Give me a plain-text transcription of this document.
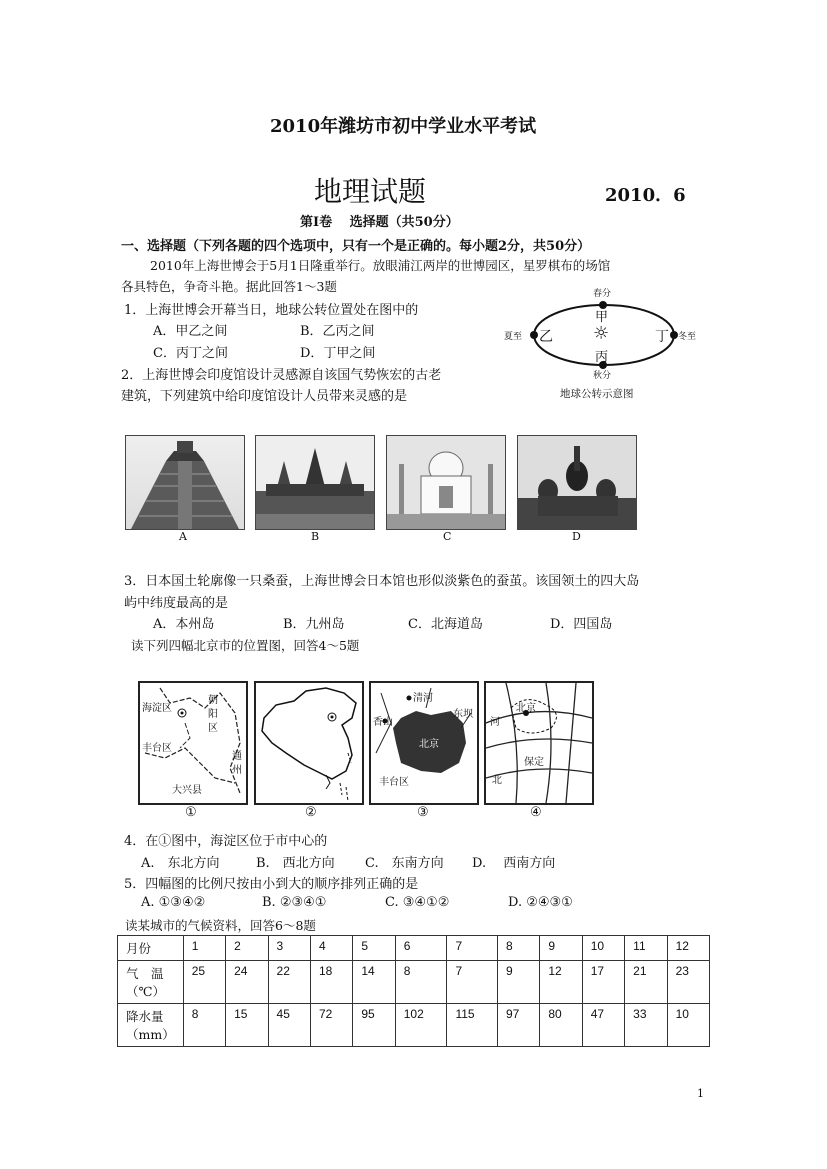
2010年潍坊市初中学业水平考试
地理试题	2010．6
第Ⅰ卷　 选择题（共50分）
一、选择题（下列各题的四个选项中，只有一个是正确的。每小题2分，共50分）
2010年上海世博会于5月1日隆重举行。放眼浦江两岸的世博园区，星罗棋布的场馆
各具特色，争奇斗艳。据此回答1～3题
1．上海世博会开幕当日，地球公转位置处在图中的
A．甲乙之间	B．乙丙之间
C．丙丁之间	D．丁甲之间
春分
甲
夏至 乙 ☼	丁 冬至
丙
秋分
地球公转示意图
2．上海世博会印度馆设计灵感源自该国气势恢宏的古老
建筑，下列建筑中给印度馆设计人员带来灵感的是
A	B	C	D
3．日本国土轮廓像一只桑蚕，上海世博会日本馆也形似淡紫色的蚕茧。该国领土的四大岛
屿中纬度最高的是
A．本州岛	B．九州岛	C．北海道岛	D．四国岛
读下列四幅北京市的位置图，回答4～5题
海淀区
朝
阳
区
丰台区
通
州
大兴县
清河
香山
东坝
北京
丰台区
北京
河
北
保定
①	②	③	④
4．在①图中，海淀区位于市中心的
A.　东北方向	B.　西北方向 C.　东南方向 D.　 西南方向
5．四幅图的比例尺按由小到大的顺序排列正确的是
A. ①③④②	B. ②③④①	C. ③④①②	D. ②④③①
读某城市的气候资料，回答6～8题
月份	1	2	3	4	5	6	7	8	9	10	11	12

气　温
（℃）	25	24	22	18	14	8	7	9	12	17	21	23

降水量
（mm）	8	15	45	72	95	102	115	97	80	47	33	10
1
